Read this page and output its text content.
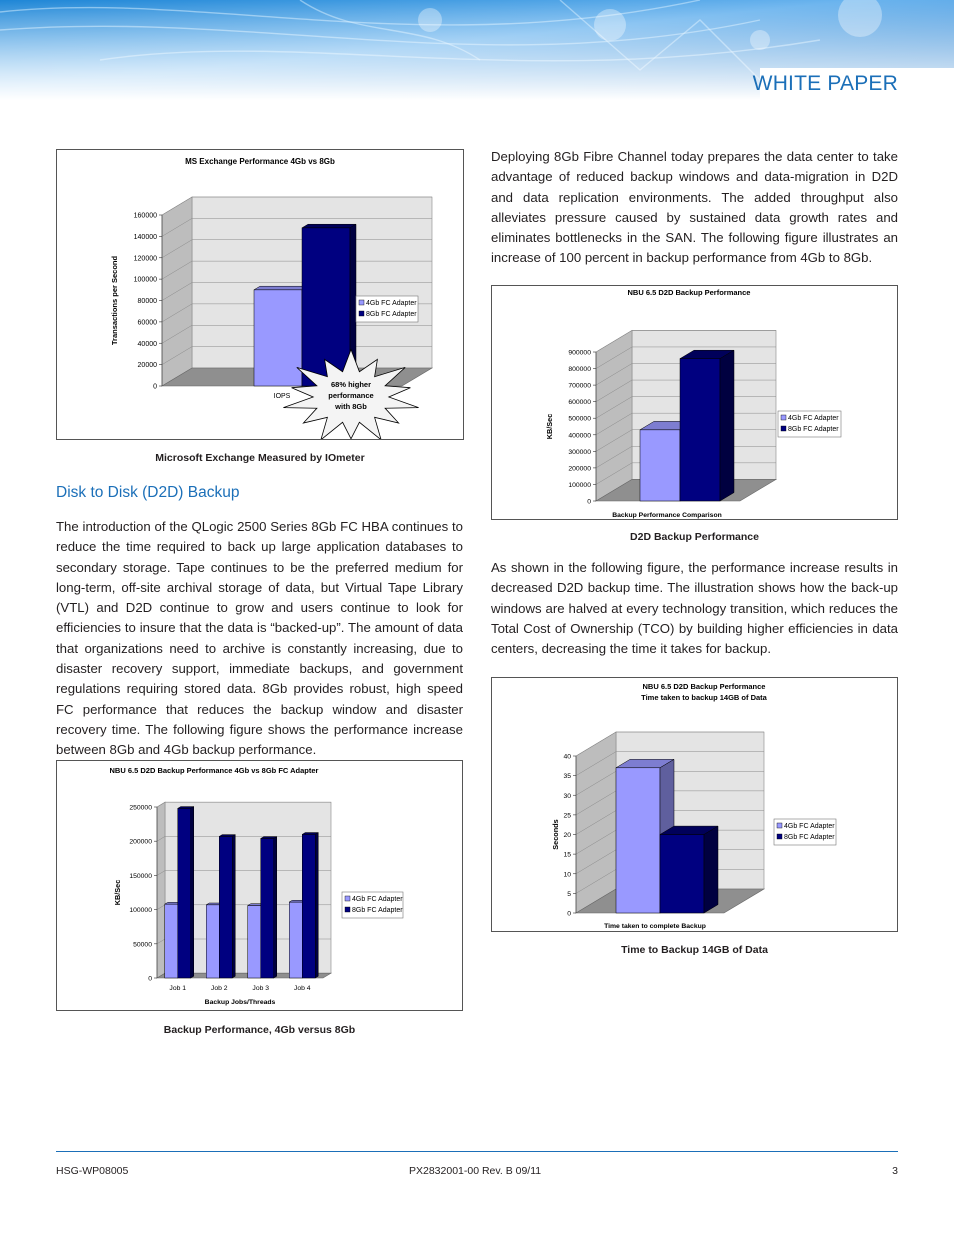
WHITE PAPER
MS Exchange Performance 4Gb vs 8Gb
0
20000
40000
60000
80000
100000
120000
140000
160000
IOPS
Transactions per Second	4Gb FC Adapter
8Gb FC Adapter
68% higher
performance
with 8Gb
Microsoft Exchange Measured by IOmeter
Deploying 8Gb Fibre Channel today prepares the data center to take advantage of reduced backup windows and data-migration in D2D and data replication environments. The added throughput also alleviates pressure caused by sustained data growth rates and eliminates bottlenecks in the SAN. The following figure illustrates an increase of 100 percent in backup performance from 4Gb to 8Gb.
NBU 6.5 D2D Backup Performance
0
100000
200000
300000
400000
500000
600000
700000
800000
900000
Backup Performance Comparison
KB/Sec	4Gb FC Adapter
8Gb FC Adapter
D2D Backup Performance
Disk to Disk (D2D) Backup
The introduction of the QLogic 2500 Series 8Gb FC HBA continues to reduce the time required to back up large application databases to secondary storage. Tape continues to be the preferred medium for long-term, off-site archival storage of data, but Virtual Tape Library (VTL) and D2D continue to grow and users continue to look for efficiencies to insure that the data is “backed-up”. The amount of data that organizations need to archive is constantly increasing, due to disaster recovery support, immediate backups, and government regulations requiring stored data. 8Gb provides robust, high speed FC performance that reduces the backup window and disaster recovery time. The following figure shows the performance increase between 8Gb and 4Gb backup performance.
As shown in the following figure, the performance increase results in decreased D2D backup time. The illustration shows how the back-up windows are halved at every technology transition, which reduces the Total Cost of Ownership (TCO) by building higher efficiencies in data centers, decreasing the time it takes for backup.
NBU 6.5 D2D Backup Performance
Time taken to backup 14GB of Data
0
5
10
15
20
25
30
35
40
Time taken to complete Backup
Seconds	4Gb FC Adapter
8Gb FC Adapter
Time to Backup 14GB of Data
NBU 6.5 D2D Backup Performance 4Gb vs 8Gb FC Adapter
0
50000
100000
150000
200000
250000
Job 1	Job 2	Job 3	Job 4
Backup Jobs/Threads
KB/Sec	4Gb FC Adapter
8Gb FC Adapter
Backup Performance, 4Gb versus 8Gb
HSG-WP08005	PX2832001-00 Rev. B 09/11	3
